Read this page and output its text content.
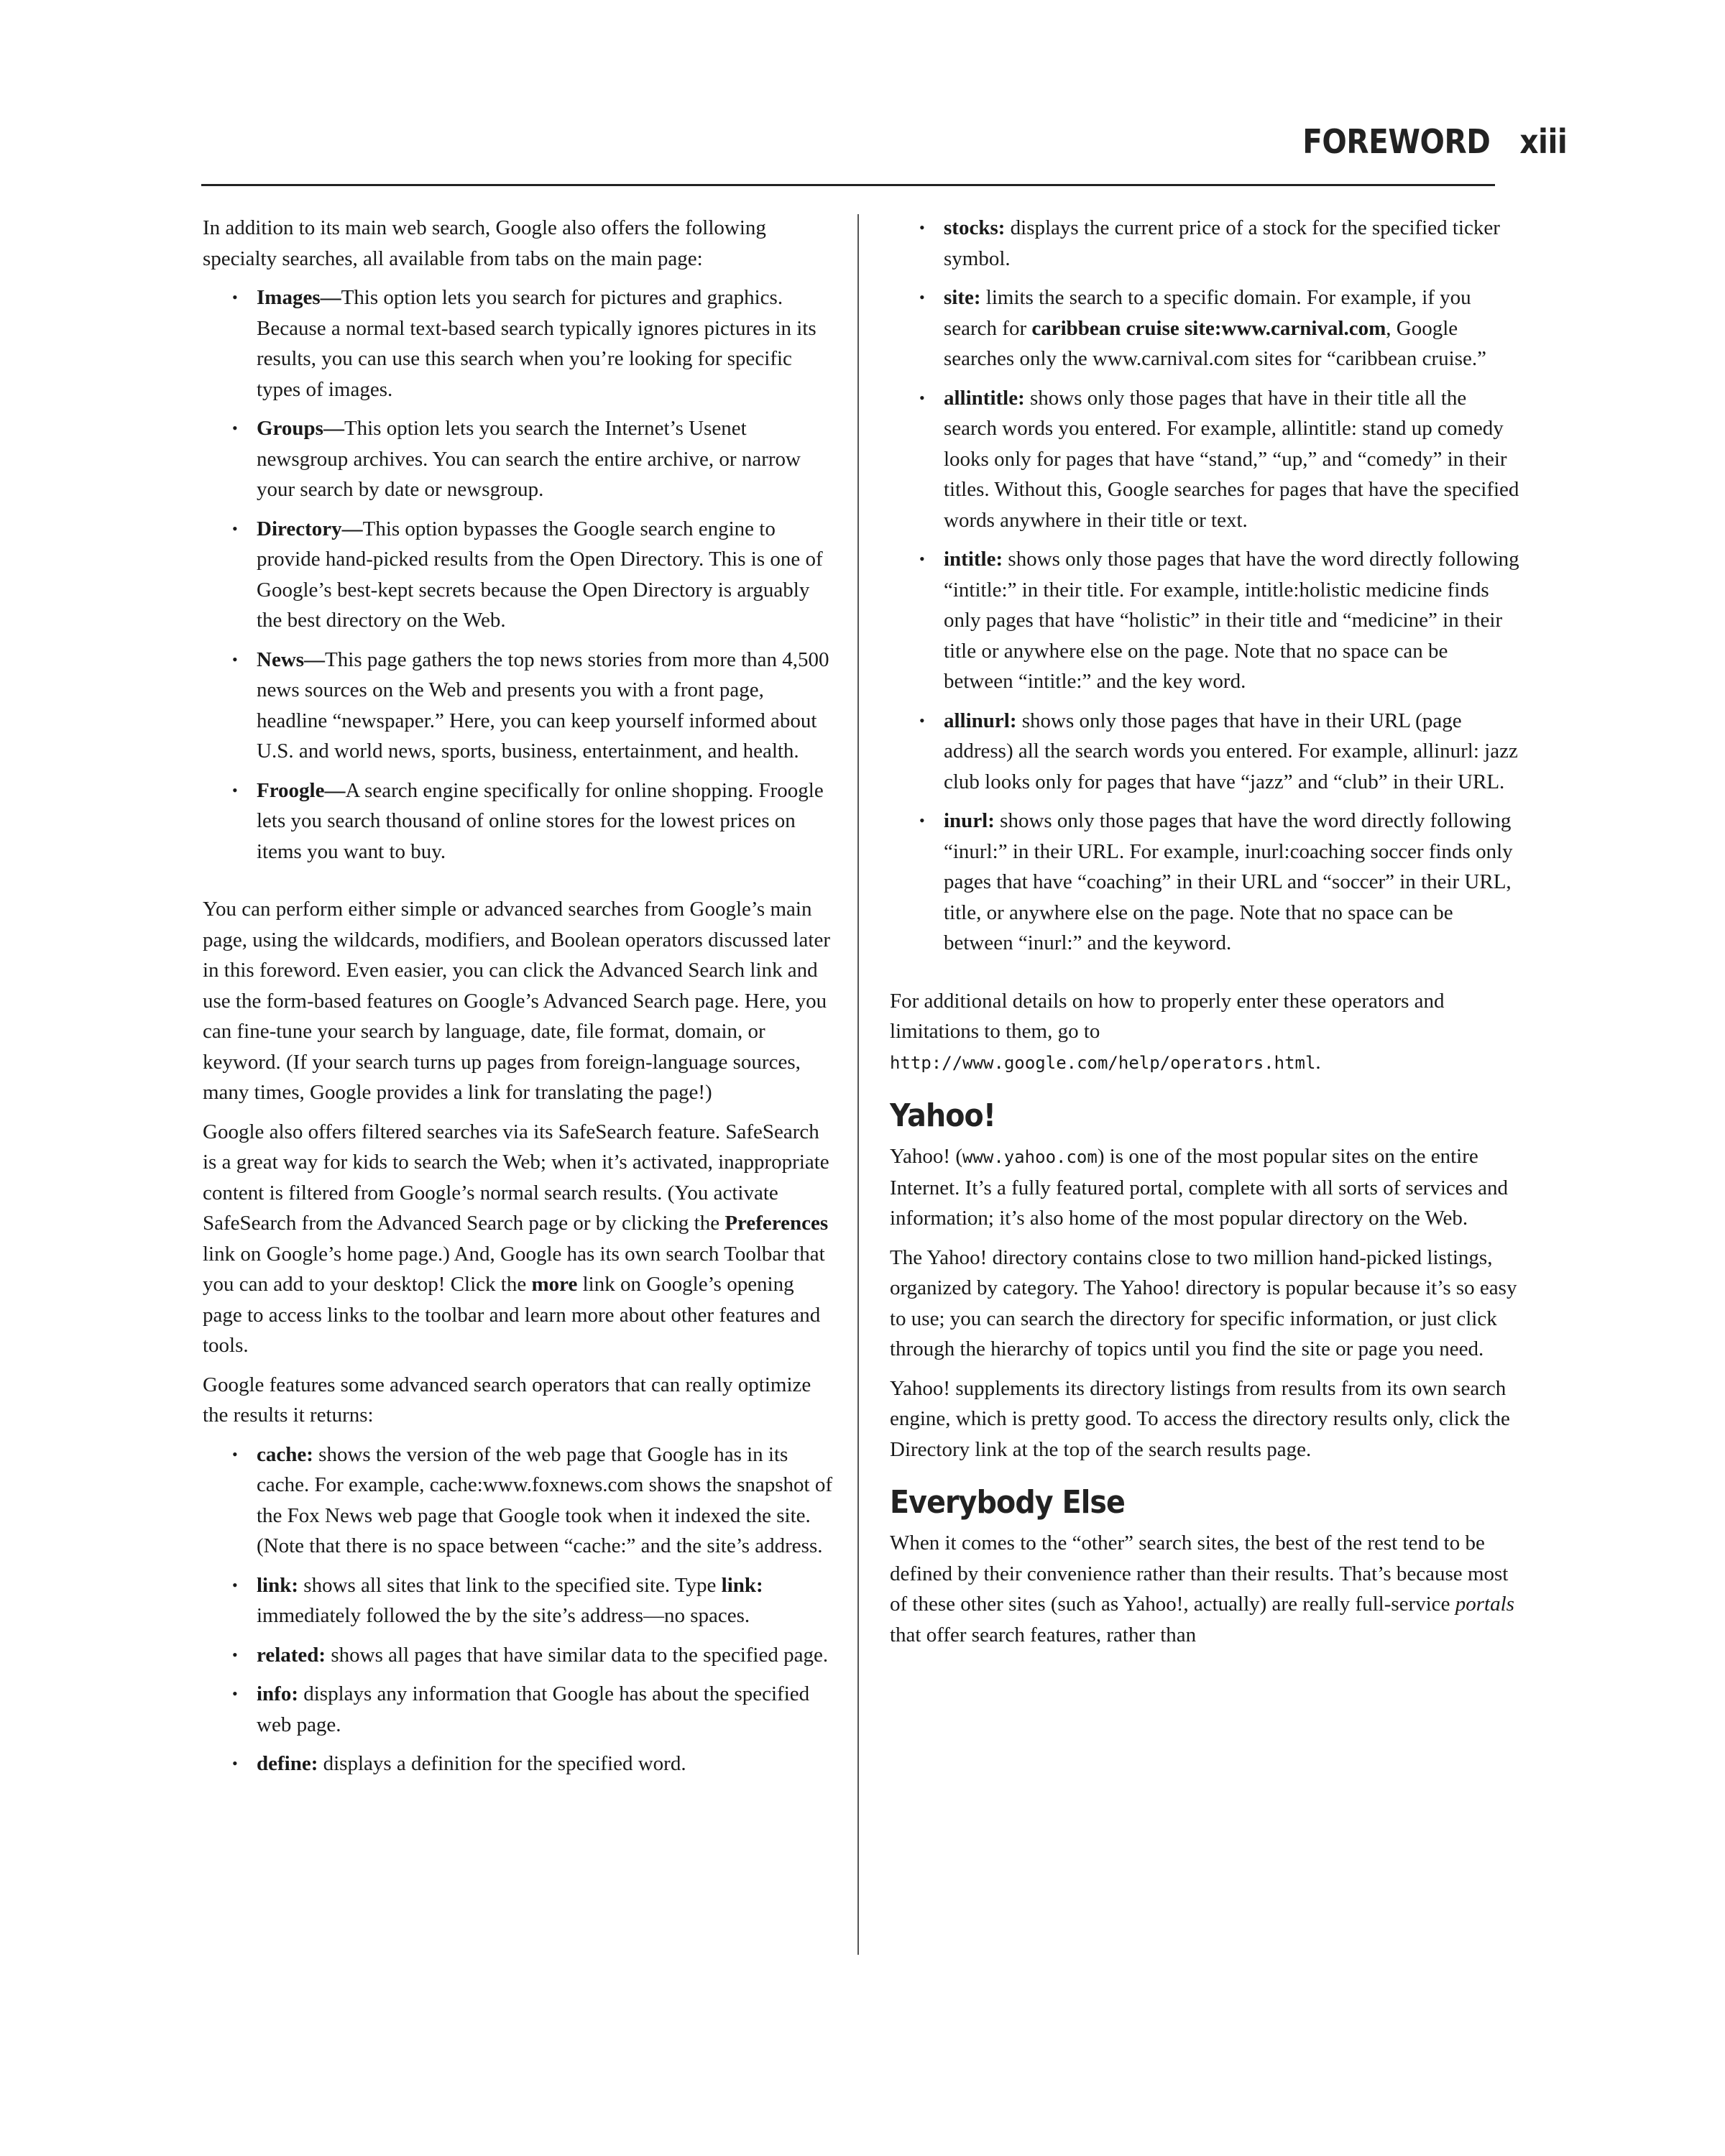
FOREWORD xiii

In addition to its main web search, Google also offers the following specialty searches, all available from tabs on the main page:

• Images—This option lets you search for pictures and graphics. Because a normal text-based search typically ignores pictures in its results, you can use this search when you’re looking for specific types of images.
• Groups—This option lets you search the Internet’s Usenet newsgroup archives. You can search the entire archive, or narrow your search by date or newsgroup.
• Directory—This option bypasses the Google search engine to provide hand-picked results from the Open Directory. This is one of Google’s best-kept secrets because the Open Directory is arguably the best directory on the Web.
• News—This page gathers the top news stories from more than 4,500 news sources on the Web and presents you with a front page, headline “newspaper.” Here, you can keep yourself informed about U.S. and world news, sports, business, entertainment, and health.
• Froogle—A search engine specifically for online shopping. Froogle lets you search thousand of online stores for the lowest prices on items you want to buy.

You can perform either simple or advanced searches from Google’s main page, using the wildcards, modifiers, and Boolean operators discussed later in this foreword. Even easier, you can click the Advanced Search link and use the form-based features on Google’s Advanced Search page. Here, you can fine-tune your search by language, date, file format, domain, or keyword. (If your search turns up pages from foreign-language sources, many times, Google provides a link for translating the page!)

Google also offers filtered searches via its SafeSearch feature. SafeSearch is a great way for kids to search the Web; when it’s activated, inappropriate content is filtered from Google’s normal search results. (You activate SafeSearch from the Advanced Search page or by clicking the Preferences link on Google’s home page.) And, Google has its own search Toolbar that you can add to your desktop! Click the more link on Google’s opening page to access links to the toolbar and learn more about other features and tools.

Google features some advanced search operators that can really optimize the results it returns:

• cache: shows the version of the web page that Google has in its cache. For example, cache:www.foxnews.com shows the snapshot of the Fox News web page that Google took when it indexed the site. (Note that there is no space between “cache:” and the site’s address.
• link: shows all sites that link to the specified site. Type link: immediately followed the by the site’s address—no spaces.
• related: shows all pages that have similar data to the specified page.
• info: displays any information that Google has about the specified web page.
• define: displays a definition for the specified word.
• stocks: displays the current price of a stock for the specified ticker symbol.
• site: limits the search to a specific domain. For example, if you search for caribbean cruise site:www.carnival.com, Google searches only the www.carnival.com sites for “caribbean cruise.”
• allintitle: shows only those pages that have in their title all the search words you entered. For example, allintitle: stand up comedy looks only for pages that have “stand,” “up,” and “comedy” in their titles. Without this, Google searches for pages that have the specified words anywhere in their title or text.
• intitle: shows only those pages that have the word directly following “intitle:” in their title. For example, intitle:holistic medicine finds only pages that have “holistic” in their title and “medicine” in their title or anywhere else on the page. Note that no space can be between “intitle:” and the key word.
• allinurl: shows only those pages that have in their URL (page address) all the search words you entered. For example, allinurl: jazz club looks only for pages that have “jazz” and “club” in their URL.
• inurl: shows only those pages that have the word directly following “inurl:” in their URL. For example, inurl:coaching soccer finds only pages that have “coaching” in their URL and “soccer” in their URL, title, or anywhere else on the page. Note that no space can be between “inurl:” and the keyword.

For additional details on how to properly enter these operators and limitations to them, go to http://www.google.com/help/operators.html.

Yahoo!

Yahoo! (www.yahoo.com) is one of the most popular sites on the entire Internet. It’s a fully featured portal, complete with all sorts of services and information; it’s also home of the most popular directory on the Web.

The Yahoo! directory contains close to two million hand-picked listings, organized by category. The Yahoo! directory is popular because it’s so easy to use; you can search the directory for specific information, or just click through the hierarchy of topics until you find the site or page you need.

Yahoo! supplements its directory listings from results from its own search engine, which is pretty good. To access the directory results only, click the Directory link at the top of the search results page.

Everybody Else

When it comes to the “other” search sites, the best of the rest tend to be defined by their convenience rather than their results. That’s because most of these other sites (such as Yahoo!, actually) are really full-service portals that offer search features, rather than
